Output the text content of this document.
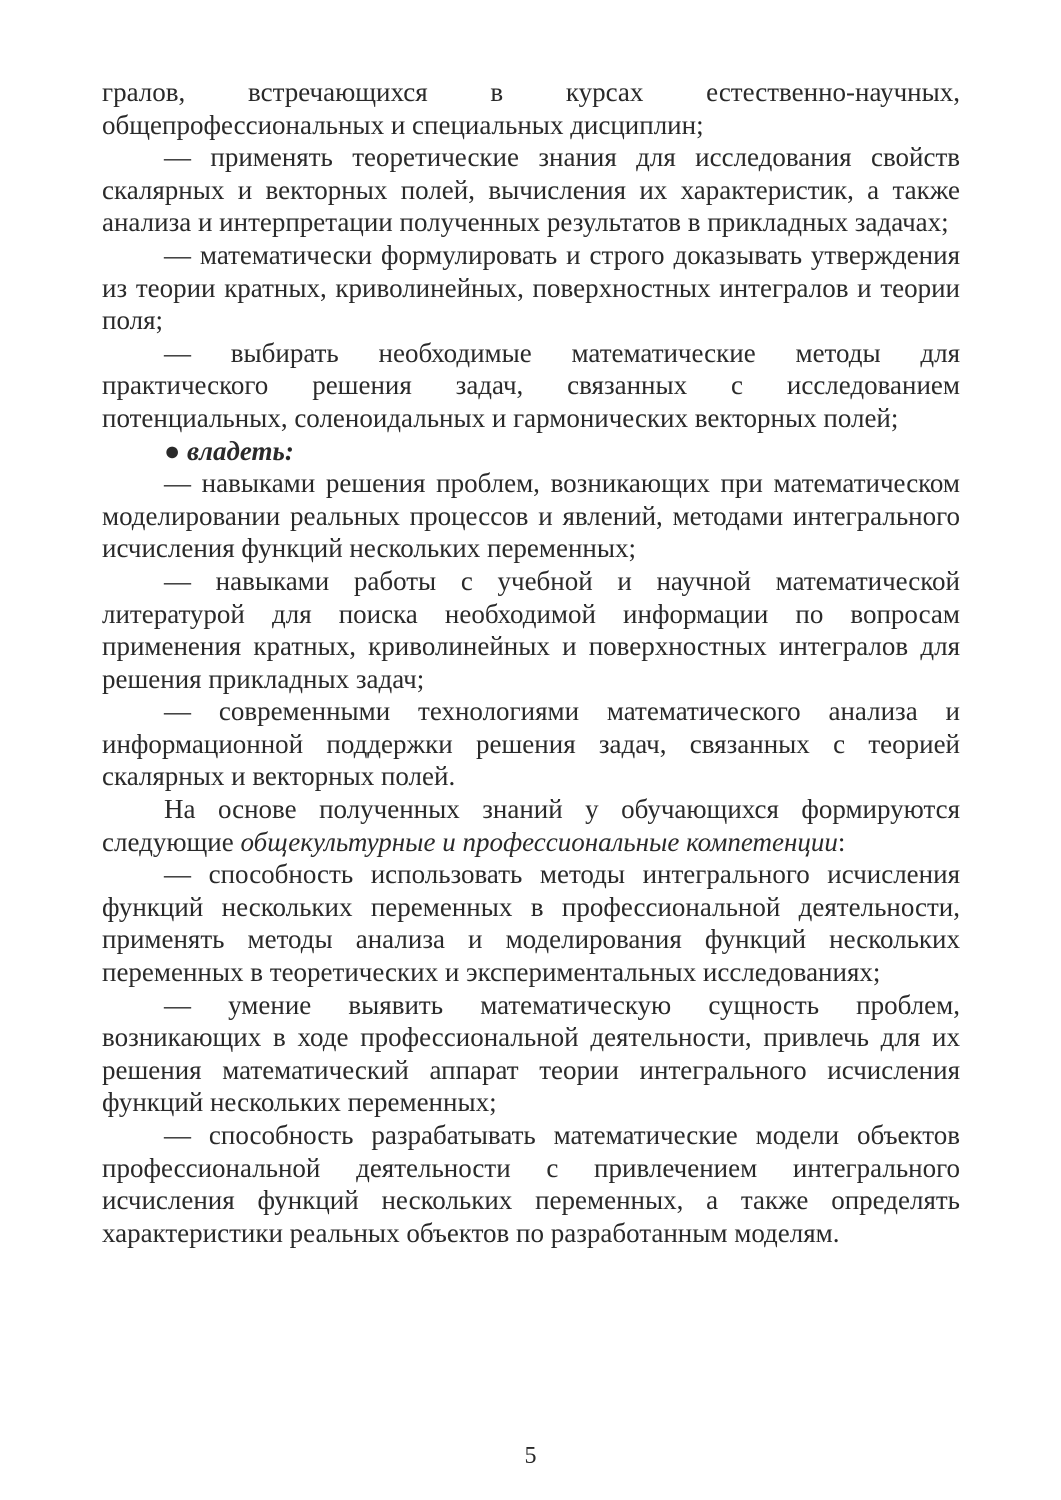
гралов, встречающихся в курсах естественно-научных, общепрофессиональных и специальных дисциплин;

— применять теоретические знания для исследования свойств скалярных и векторных полей, вычисления их характеристик, а также анализа и интерпретации полученных результатов в прикладных задачах;

— математически формулировать и строго доказывать утверждения из теории кратных, криволинейных, поверхностных интегралов и теории поля;

— выбирать необходимые математические методы для практического решения задач, связанных с исследованием потенциальных, соленоидальных и гармонических векторных полей;

● владеть:

— навыками решения проблем, возникающих при математическом моделировании реальных процессов и явлений, методами интегрального исчисления функций нескольких переменных;

— навыками работы с учебной и научной математической литературой для поиска необходимой информации по вопросам применения кратных, криволинейных и поверхностных интегралов для решения прикладных задач;

— современными технологиями математического анализа и информационной поддержки решения задач, связанных с теорией скалярных и векторных полей.

На основе полученных знаний у обучающихся формируются следующие общекультурные и профессиональные компетенции:

— способность использовать методы интегрального исчисления функций нескольких переменных в профессиональной деятельности, применять методы анализа и моделирования функций нескольких переменных в теоретических и экспериментальных исследованиях;

— умение выявить математическую сущность проблем, возникающих в ходе профессиональной деятельности, привлечь для их решения математический аппарат теории интегрального исчисления функций нескольких переменных;

— способность разрабатывать математические модели объектов профессиональной деятельности с привлечением интегрального исчисления функций нескольких переменных, а также определять характеристики реальных объектов по разработанным моделям.

5
